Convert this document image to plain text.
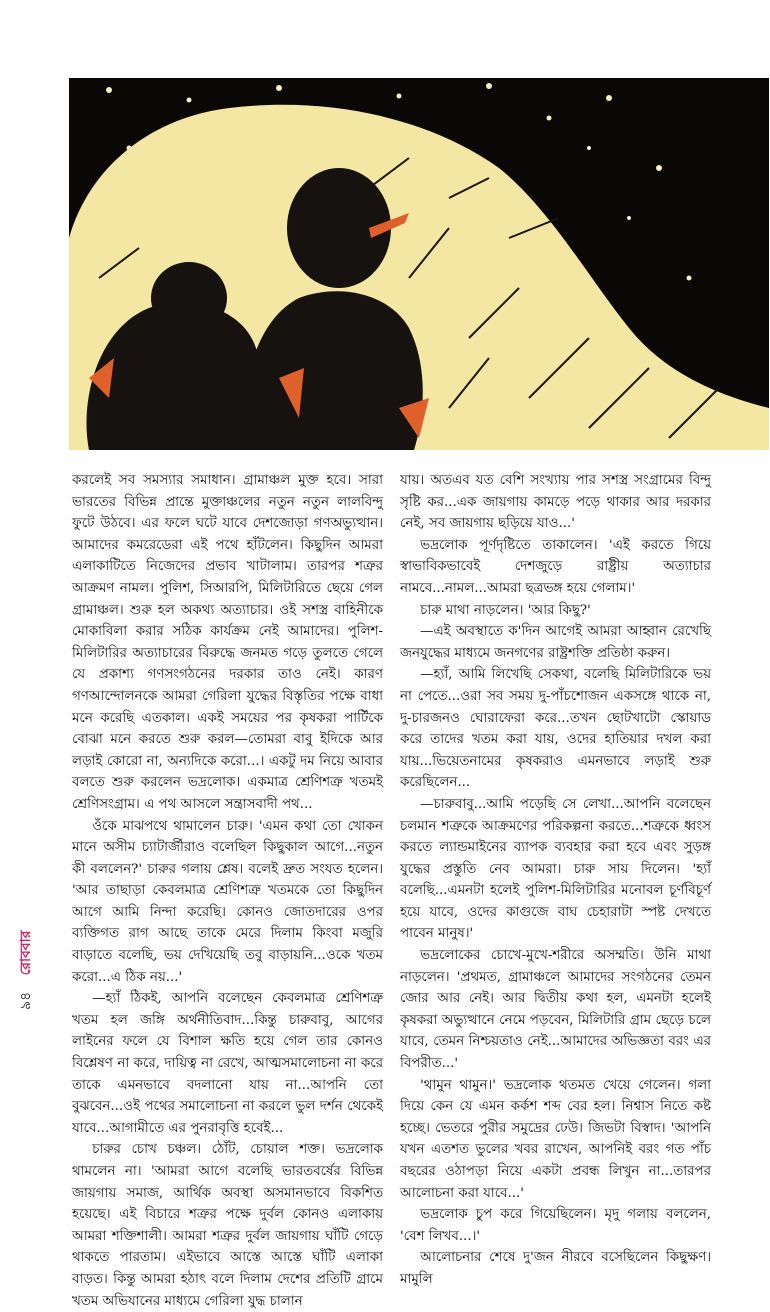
করলেই সব সমস্যার সমাধান। গ্রামাঞ্চল মুক্ত হবে। সারা ভারতের বিভিন্ন প্রান্তে মুক্তাঞ্চলের নতুন নতুন লালবিন্দু ফুটে উঠবে। এর ফলে ঘটে যাবে দেশজোড়া গণঅভ্যুত্থান। আমাদের কমরেডেরা এই পথে হাঁটলেন। কিছুদিন আমরা এলাকাটিতে নিজেদের প্রভাব খাটালাম। তারপর শত্রুর আক্রমণ নামল। পুলিশ, সিআরপি, মিলিটারিতে ছেয়ে গেল গ্রামাঞ্চল। শুরু হল অকথ্য অত্যাচার। ওই সশস্ত্র বাহিনীকে মোকাবিলা করার সঠিক কার্যক্রম নেই আমাদের। পুলিশ-মিলিটারির অত্যাচারের বিরুদ্ধে জনমত গড়ে তুলতে গেলে যে প্রকাশ্য গণসংগঠনের দরকার তাও নেই। কারণ গণআন্দোলনকে আমরা গেরিলা যুদ্ধের বিস্তৃতির পক্ষে বাধা মনে করেছি এতকাল। একই সময়ের পর কৃষকরা পার্টিকে বোঝা মনে করতে শুরু করল—তোমরা বাবু ইদিকে আর লড়াই কোরো না, অন্যদিকে করো...। একটু দম নিয়ে আবার বলতে শুরু করলেন ভদ্রলোক। একমাত্র শ্রেণিশত্রু খতমই শ্রেণিসংগ্রাম। এ পথ আসলে সন্ত্রাসবাদী পথ...

ওঁকে মাঝপথে থামালেন চারু। 'এমন কথা তো খোকন মানে অসীম চ্যাটার্জীরাও বলেছিল কিছুকাল আগে...নতুন কী বললেন?' চারুর গলায় শ্লেষ। বলেই দ্রুত সংযত হলেন। 'আর তাছাড়া কেবলমাত্র শ্রেণিশত্রু খতমকে তো কিছুদিন আগে আমি নিন্দা করেছি। কোনও জোতদারের ওপর ব্যক্তিগত রাগ আছে তাকে মেরে দিলাম কিংবা মজুরি বাড়াতে বলেছি, ভয় দেখিয়েছি তবু বাড়ায়নি...ওকে খতম করো...এ ঠিক নয়...'

—হ্যাঁ ঠিকই, আপনি বলেছেন কেবলমাত্র শ্রেণিশত্রু খতম হল জঙ্গি অর্থনীতিবাদ...কিন্তু চারুবাবু, আগের লাইনের ফলে যে বিশাল ক্ষতি হয়ে গেল তার কোনও বিশ্লেষণ না করে, দায়িত্ব না রেখে, আত্মসমালোচনা না করে তাকে এমনভাবে বদলানো যায় না...আপনি তো বুঝবেন...ওই পথের সমালোচনা না করলে ভুল দর্শন থেকেই যাবে...আগামীতে এর পুনরাবৃত্তি হবেই...

চারুর চোখ চঞ্চল। ঠোঁট, চোয়াল শক্ত। ভদ্রলোক থামলেন না। 'আমরা আগে বলেছি ভারতবর্ষের বিভিন্ন জায়গায় সমাজ, আর্থিক অবস্থা অসমানভাবে বিকশিত হয়েছে। এই বিচারে শত্রুর পক্ষে দুর্বল কোনও এলাকায় আমরা শক্তিশালী। আমরা শত্রুর দুর্বল জায়গায় ঘাঁটি গেড়ে থাকতে পারতাম। এইভাবে আস্তে আস্তে ঘাঁটি এলাকা বাড়ত। কিন্তু আমরা হঠাৎ বলে দিলাম দেশের প্রতিটি গ্রামে খতম অভিযানের মাধ্যমে গেরিলা যুদ্ধ চালান

যায়। অতএব যত বেশি সংখ্যায় পার সশস্ত্র সংগ্রামের বিন্দু সৃষ্টি কর...এক জায়গায় কামড়ে পড়ে থাকার আর দরকার নেই, সব জায়গায় ছড়িয়ে যাও...'

ভদ্রলোক পূর্ণদৃষ্টিতে তাকালেন। 'এই করতে গিয়ে স্বাভাবিকভাবেই দেশজুড়ে রাষ্ট্রীয় অত্যাচার নামবে...নামল...আমরা ছত্রভঙ্গ হয়ে গেলাম।'

চারু মাথা নাড়লেন। 'আর কিছু?'

—এই অবস্থাতে ক'দিন আগেই আমরা আহ্বান রেখেছি জনযুদ্ধের মাধ্যমে জনগণের রাষ্ট্রশক্তি প্রতিষ্ঠা করুন।

—হ্যাঁ, আমি লিখেছি সেকথা, বলেছি মিলিটারিকে ভয় না পেতে...ওরা সব সময় দু-পাঁচশোজন একসঙ্গে থাকে না, দু-চারজনও ঘোরাফেরা করে...তখন ছোটখাটো স্কোয়াড করে তাদের খতম করা যায়, ওদের হাতিয়ার দখল করা যায়...ভিয়েতনামের কৃষকরাও এমনভাবে লড়াই শুরু করেছিলেন...

—চারুবাবু...আমি পড়েছি সে লেখা...আপনি বলেছেন চলমান শত্রুকে আক্রমণের পরিকল্পনা করতে...শত্রুকে ধ্বংস করতে ল্যান্ডমাইনের ব্যাপক ব্যবহার করা হবে এবং সুড়ঙ্গ যুদ্ধের প্রস্তুতি নেব আমরা। চারু সায় দিলেন। 'হ্যাঁ বলেছি...এমনটা হলেই পুলিশ-মিলিটারির মনোবল চূর্ণবিচূর্ণ হয়ে যাবে, ওদের কাগুজে বাঘ চেহারাটা স্পষ্ট দেখতে পাবেন মানুষ।'

ভদ্রলোকের চোখে-মুখে-শরীরে অসম্মতি। উনি মাথা নাড়লেন। 'প্রথমত, গ্রামাঞ্চলে আমাদের সংগঠনের তেমন জোর আর নেই। আর দ্বিতীয় কথা হল, এমনটা হলেই কৃষকরা অভ্যুত্থানে নেমে পড়বেন, মিলিটারি গ্রাম ছেড়ে চলে যাবে, তেমন নিশ্চয়তাও নেই...আমাদের অভিজ্ঞতা বরং এর বিপরীত...'

'থামুন থামুন।' ভদ্রলোক থতমত খেয়ে গেলেন। গলা দিয়ে কেন যে এমন কর্কশ শব্দ বের হল। নিশ্বাস নিতে কষ্ট হচ্ছে। ভেতরে পুরীর সমুদ্রের ঢেউ। জিভটা বিস্বাদ। 'আপনি যখন এতশত ভুলের খবর রাখেন, আপনিই বরং গত পাঁচ বছরের ওঠাপড়া নিয়ে একটা প্রবন্ধ লিখুন না...তারপর আলোচনা করা যাবে...'

ভদ্রলোক চুপ করে গিয়েছিলেন। মৃদু গলায় বললেন, 'বেশ লিখব...।'

আলোচনার শেষে দু'জন নীরবে বসেছিলেন কিছুক্ষণ। মামুলি

৯৪ রোববার
